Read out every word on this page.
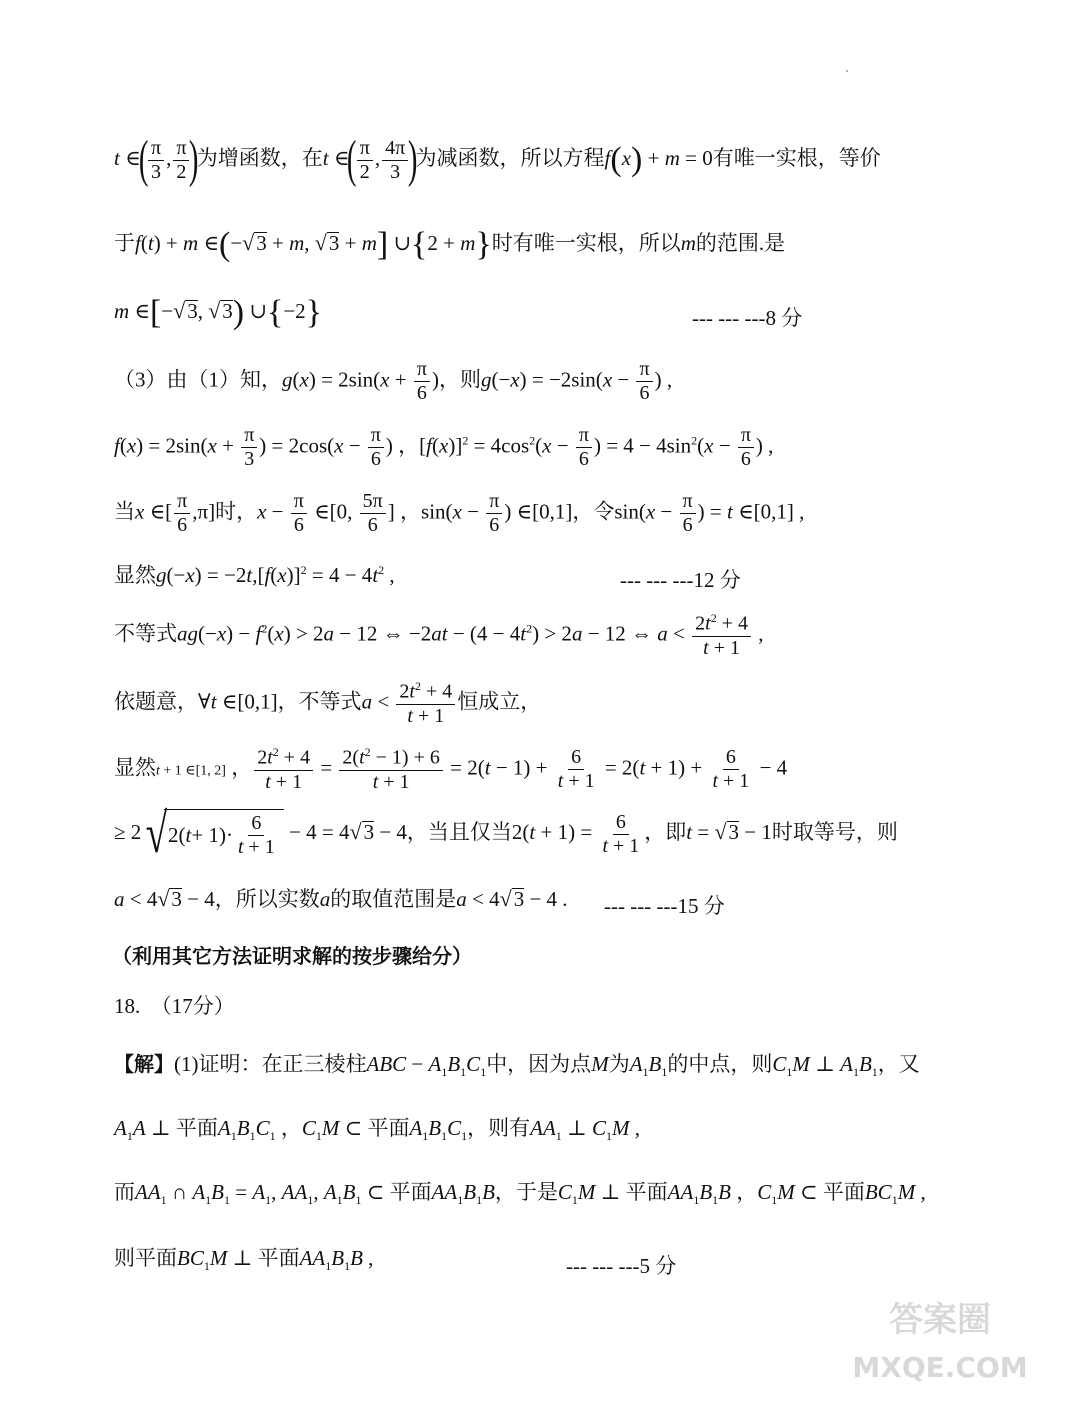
t ∈( $\frac{\pi}{3}$ , $\frac{\pi}{2}$ )为增函数，在t ∈( $\frac{\pi}{2}$ , $\frac{4\pi}{3}$ )为减函数，所以方程f(x) + m = 0有唯一实根，等价
于f(t) + m ∈(−√3 + m, √3 + m] ∪{2 + m}时有唯一实根，所以m的范围.是
m ∈[−√3, √3) ∪{−2}	--- --- ---8 分
（3）由（1）知，$g(x) = 2\sin(x + \frac{\pi}{6}$ )，则$g(-x) = -2\sin(x - \frac{\pi}{6}$ ) ,
$f(x) = 2\sin(x + \frac{\pi}{3}$ ) = $2\cos(x - \frac{\pi}{6}$ ) ，$[f(x)]^2 = 4\cos^2(x - \frac{\pi}{6}$ ) = $4 - 4\sin^2(x - \frac{\pi}{6}$ ) ,
当x ∈[ $\frac{\pi}{6} ,\pi$]时，$x - \frac{\pi}{6}$ ∈[0, $\frac{5\pi}{6}$ ] ，$\sin(x - \frac{\pi}{6}$ ) ∈[0,1]，令$\sin(x - \frac{\pi}{6}$ ) = t ∈[0,1] ,
显然$g(-x) = -2t,[f(x)]^2 = 4 - 4t^2$ ,	--- --- ---12 分
不等式$ag(-x) - f^2(x) > 2a - 12$ ⇔ $-2at - (4 - 4t^2) > 2a - 12$ ⇔ $a < \frac{2t^2 + 4}{t + 1}$ ,
依题意，∀t ∈[0,1]，不等式$a < \frac{2t^2 + 4}{t + 1}$ 恒成立，
显然t + 1 ∈[1, 2] ， $\frac{2t^2 + 4}{t + 1} = \frac{2(t^2 - 1) + 6}{t + 1} = 2(t - 1) + \frac{6}{t + 1} = 2(t + 1) + \frac{6}{t + 1} - 4$
≥ 2√2( $t + 1)\cdot \frac{6}{t + 1} - 4 = 4√3 - 4$，当且仅当$2(t + 1) = \frac{6}{t + 1}$ ，即t = √3 − 1时取等号，则
a < 4√3 − 4，所以实数a的取值范围是a < 4√3 − 4 . --- --- ---15 分
（利用其它方法证明求解的按步骤给分）
18.　（17分）
【解】(1)证明：在正三棱柱ABC − $A_1B_1C_1$中，因为点M为$A_1B_1$的中点，则$C_1M$ ⊥ $A_1B_1$，又
$A_1A$ ⊥ 平面$A_1B_1C_1$ ，$C_1M$ ⊂ 平面$A_1B_1C_1$，则有$AA_1$ ⊥ $C_1M$ ,
而$AA_1$ ∩ $A_1B_1 = A_1$, $AA_1$, $A_1B_1$ ⊂ 平面$AA_1B_1B$，于是$C_1M$ ⊥ 平面$AA_1B_1B$ ，$C_1M$ ⊂ 平面$BC_1M$ ,
则平面$BC_1M$ ⊥ 平面$AA_1B_1B$ ,	--- --- ---5 分
答案圈
MXQE.COM
